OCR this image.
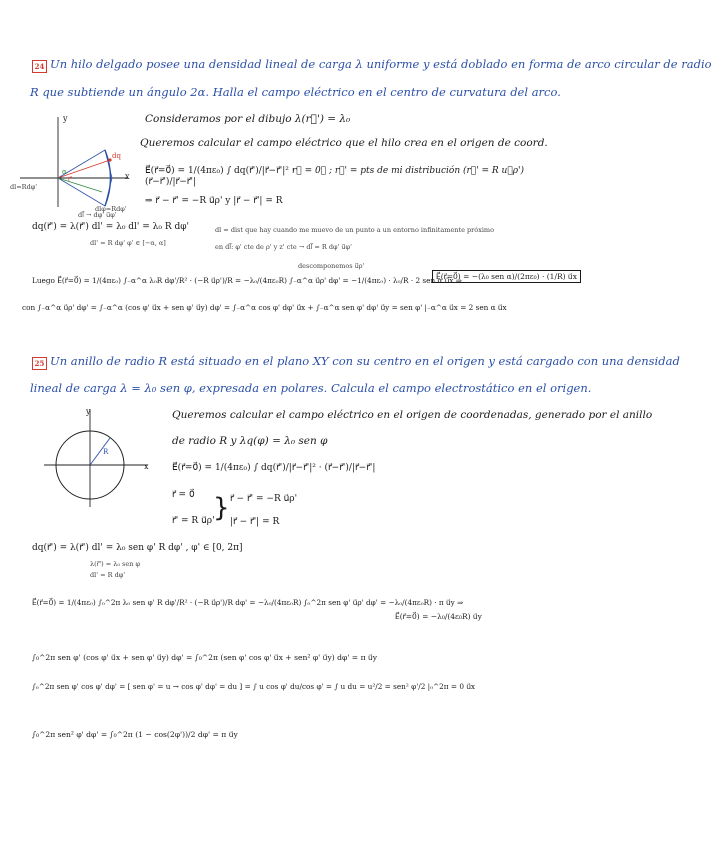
24 Un hilo delgado posee una densidad lineal de carga λ uniforme y está doblado en forma de arco circular de radio
R que subtiende un ángulo 2α. Halla el campo eléctrico en el centro de curvatura del arco.
y
x
dq
α
r⃗'
dl=Rdφ'
dlφ=Rdφ'
Consideramos por el dibujo λ(r⃗') = λ₀
Queremos calcular el campo eléctrico que el hilo crea en el origen de coord.
E⃗(r⃗=0⃗) = 1/(4πε₀) ∫ dq(r⃗')/|r⃗−r⃗'|² · (r⃗−r⃗')/|r⃗−r⃗'|
r⃗ = 0⃗ ; r⃗' = pts de mi distribución (r⃗' = R u⃗ρ')
⇒ r⃗ − r⃗' = −R u⃗ρ' y |r⃗ − r⃗'| = R
dl⃗ → dφ' u⃗φ'
dq(r⃗') = λ(r⃗') dl' = λ₀ dl' = λ₀ R dφ'	dl = dist que hay cuando me muevo de un punto a un entorno infinitamente próximo
en dl⃗: φ' cte de ρ' y z' cte → dl⃗ = R dφ' u⃗φ'
dl' = R dφ' φ' ∈ [−α, α]
descomponemos u⃗ρ'
Luego E⃗(r⃗=0⃗) = 1/(4πε₀) ∫₋α^α λ₀R dφ'/R² · (−R u⃗ρ')/R = −λ₀/(4πε₀R) ∫₋α^α u⃗ρ' dφ' = −1/(4πε₀) · λ₀/R · 2 sen α u⃗x ⇒
E⃗(r⃗=0⃗) = −(λ₀ sen α)/(2πε₀) · (1/R) u⃗x
con ∫₋α^α u⃗ρ' dφ' = ∫₋α^α (cos φ' u⃗x + sen φ' u⃗y) dφ' = ∫₋α^α cos φ' dφ' u⃗x + ∫₋α^α sen φ' dφ' u⃗y = sen φ' |₋α^α u⃗x = 2 sen α u⃗x
25 Un anillo de radio R está situado en el plano XY con su centro en el origen y está cargado con una densidad
lineal de carga λ = λ₀ sen φ, expresada en polares. Calcula el campo electrostático en el origen.
y
x
R
Queremos calcular el campo eléctrico en el origen de coordenadas, generado por el anillo
de radio R y λq(φ) = λ₀ sen φ
E⃗(r⃗=0⃗) = 1/(4πε₀) ∫ dq(r⃗')/|r⃗−r⃗'|² · (r⃗−r⃗')/|r⃗−r⃗'|
r⃗ = 0⃗
r⃗' = R u⃗ρ'
} r⃗ − r⃗' = −R u⃗ρ'
|r⃗ − r⃗'| = R
dq(r⃗') = λ(r⃗') dl' = λ₀ sen φ' R dφ' , φ' ∈ [0, 2π]
λ(r⃗') = λ₀ sen φ
dl' = R dφ'
E⃗(r⃗=0⃗) = 1/(4πε₀) ∫₀^2π λ₀ sen φ' R dφ'/R² · (−R u⃗ρ')/R dφ' = −λ₀/(4πε₀R) ∫₀^2π sen φ' u⃗ρ' dφ' = −λ₀/(4πε₀R) · π u⃗y ⇒
E⃗(r⃗=0⃗) = −λ₀/(4ε₀R) u⃗y
∫₀^2π sen φ' (cos φ' u⃗x + sen φ' u⃗y) dφ' = ∫₀^2π (sen φ' cos φ' u⃗x + sen² φ' u⃗y) dφ' = π u⃗y
∫₀^2π sen φ' cos φ' dφ' = [ sen φ' = u → cos φ' dφ' = du ] = ∫ u cos φ' du/cos φ' = ∫ u du = u²/2 = sen² φ'/2 |₀^2π = 0 u⃗x
∫₀^2π sen² φ' dφ' = ∫₀^2π (1 − cos(2φ'))/2 dφ' = π u⃗y
